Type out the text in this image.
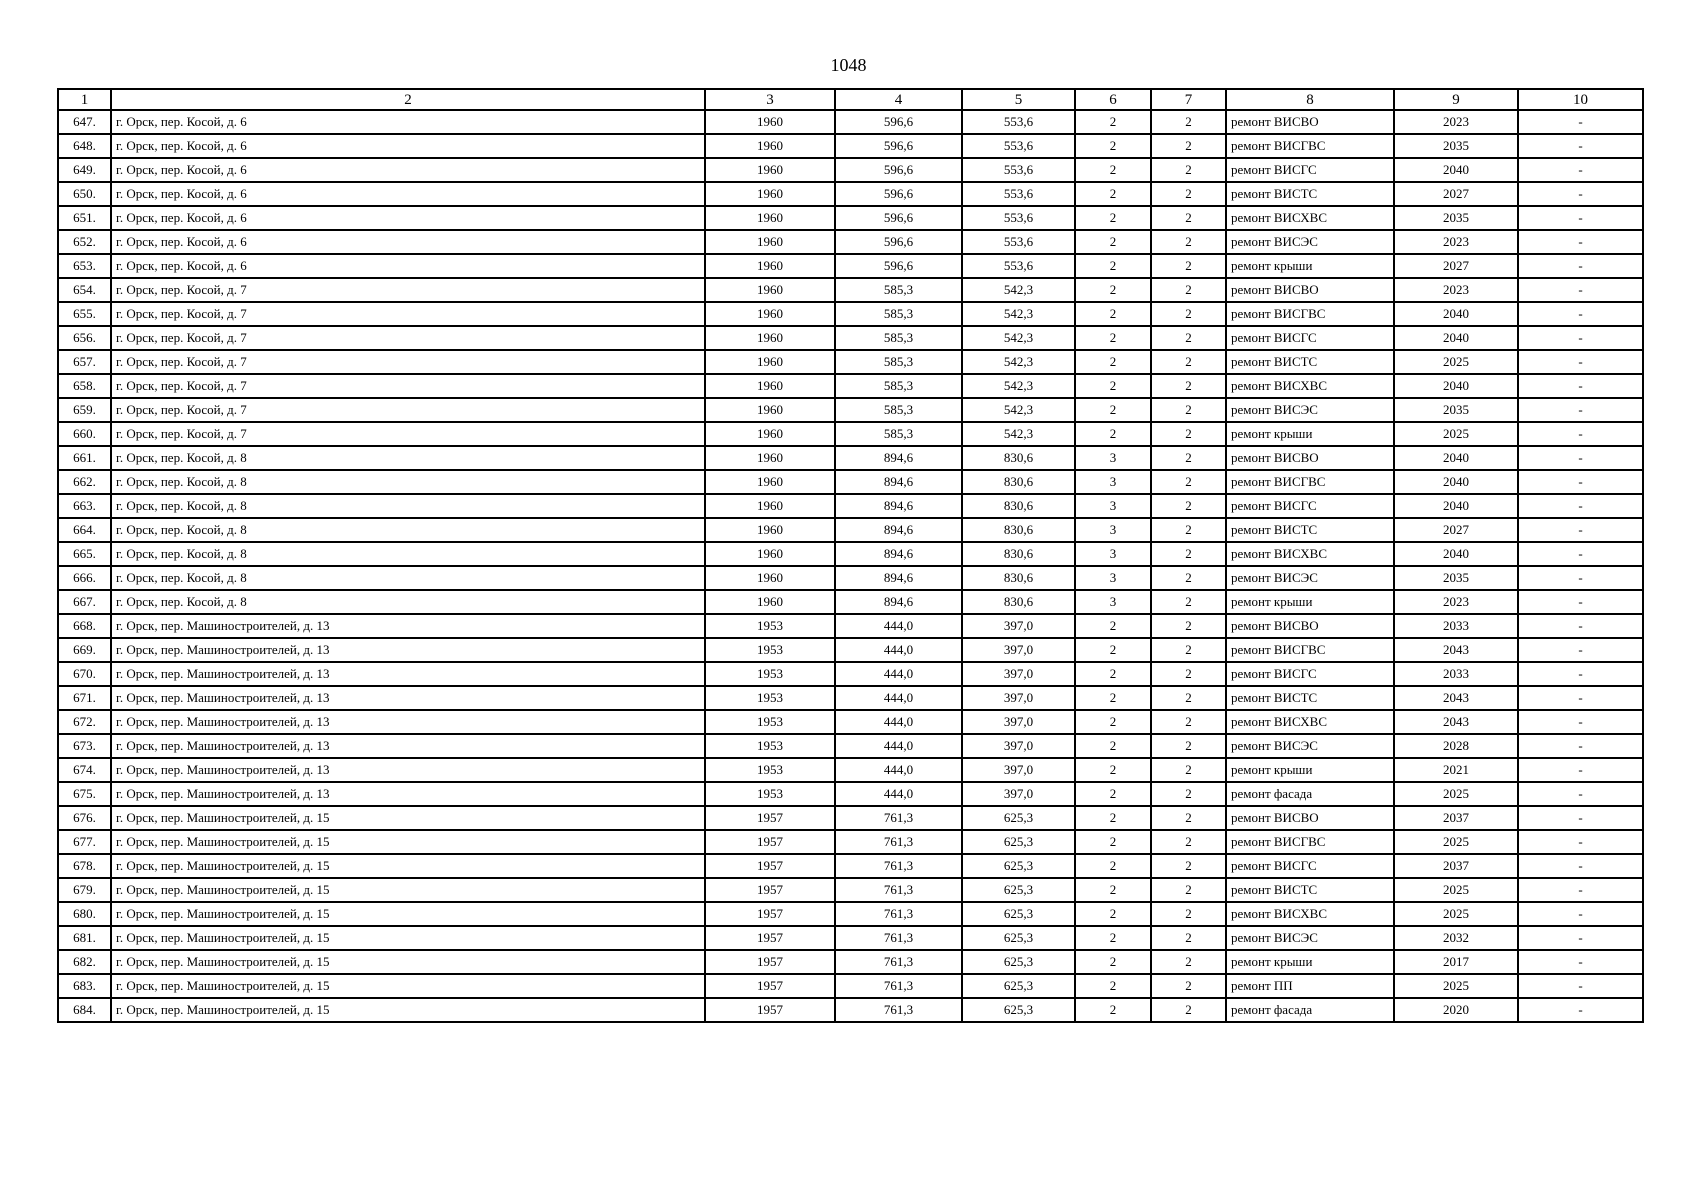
1048
1	2	3	4	5	6	7	8	9	10
647.	г. Орск, пер. Косой, д. 6	1960	596,6	553,6	2	2	ремонт ВИСВО	2023	-
648.	г. Орск, пер. Косой, д. 6	1960	596,6	553,6	2	2	ремонт ВИСГВС	2035	-
649.	г. Орск, пер. Косой, д. 6	1960	596,6	553,6	2	2	ремонт ВИСГС	2040	-
650.	г. Орск, пер. Косой, д. 6	1960	596,6	553,6	2	2	ремонт ВИСТС	2027	-
651.	г. Орск, пер. Косой, д. 6	1960	596,6	553,6	2	2	ремонт ВИСХВС	2035	-
652.	г. Орск, пер. Косой, д. 6	1960	596,6	553,6	2	2	ремонт ВИСЭС	2023	-
653.	г. Орск, пер. Косой, д. 6	1960	596,6	553,6	2	2	ремонт крыши	2027	-
654.	г. Орск, пер. Косой, д. 7	1960	585,3	542,3	2	2	ремонт ВИСВО	2023	-
655.	г. Орск, пер. Косой, д. 7	1960	585,3	542,3	2	2	ремонт ВИСГВС	2040	-
656.	г. Орск, пер. Косой, д. 7	1960	585,3	542,3	2	2	ремонт ВИСГС	2040	-
657.	г. Орск, пер. Косой, д. 7	1960	585,3	542,3	2	2	ремонт ВИСТС	2025	-
658.	г. Орск, пер. Косой, д. 7	1960	585,3	542,3	2	2	ремонт ВИСХВС	2040	-
659.	г. Орск, пер. Косой, д. 7	1960	585,3	542,3	2	2	ремонт ВИСЭС	2035	-
660.	г. Орск, пер. Косой, д. 7	1960	585,3	542,3	2	2	ремонт крыши	2025	-
661.	г. Орск, пер. Косой, д. 8	1960	894,6	830,6	3	2	ремонт ВИСВО	2040	-
662.	г. Орск, пер. Косой, д. 8	1960	894,6	830,6	3	2	ремонт ВИСГВС	2040	-
663.	г. Орск, пер. Косой, д. 8	1960	894,6	830,6	3	2	ремонт ВИСГС	2040	-
664.	г. Орск, пер. Косой, д. 8	1960	894,6	830,6	3	2	ремонт ВИСТС	2027	-
665.	г. Орск, пер. Косой, д. 8	1960	894,6	830,6	3	2	ремонт ВИСХВС	2040	-
666.	г. Орск, пер. Косой, д. 8	1960	894,6	830,6	3	2	ремонт ВИСЭС	2035	-
667.	г. Орск, пер. Косой, д. 8	1960	894,6	830,6	3	2	ремонт крыши	2023	-
668.	г. Орск, пер. Машиностроителей, д. 13	1953	444,0	397,0	2	2	ремонт ВИСВО	2033	-
669.	г. Орск, пер. Машиностроителей, д. 13	1953	444,0	397,0	2	2	ремонт ВИСГВС	2043	-
670.	г. Орск, пер. Машиностроителей, д. 13	1953	444,0	397,0	2	2	ремонт ВИСГС	2033	-
671.	г. Орск, пер. Машиностроителей, д. 13	1953	444,0	397,0	2	2	ремонт ВИСТС	2043	-
672.	г. Орск, пер. Машиностроителей, д. 13	1953	444,0	397,0	2	2	ремонт ВИСХВС	2043	-
673.	г. Орск, пер. Машиностроителей, д. 13	1953	444,0	397,0	2	2	ремонт ВИСЭС	2028	-
674.	г. Орск, пер. Машиностроителей, д. 13	1953	444,0	397,0	2	2	ремонт крыши	2021	-
675.	г. Орск, пер. Машиностроителей, д. 13	1953	444,0	397,0	2	2	ремонт фасада	2025	-
676.	г. Орск, пер. Машиностроителей, д. 15	1957	761,3	625,3	2	2	ремонт ВИСВО	2037	-
677.	г. Орск, пер. Машиностроителей, д. 15	1957	761,3	625,3	2	2	ремонт ВИСГВС	2025	-
678.	г. Орск, пер. Машиностроителей, д. 15	1957	761,3	625,3	2	2	ремонт ВИСГС	2037	-
679.	г. Орск, пер. Машиностроителей, д. 15	1957	761,3	625,3	2	2	ремонт ВИСТС	2025	-
680.	г. Орск, пер. Машиностроителей, д. 15	1957	761,3	625,3	2	2	ремонт ВИСХВС	2025	-
681.	г. Орск, пер. Машиностроителей, д. 15	1957	761,3	625,3	2	2	ремонт ВИСЭС	2032	-
682.	г. Орск, пер. Машиностроителей, д. 15	1957	761,3	625,3	2	2	ремонт крыши	2017	-
683.	г. Орск, пер. Машиностроителей, д. 15	1957	761,3	625,3	2	2	ремонт ПП	2025	-
684.	г. Орск, пер. Машиностроителей, д. 15	1957	761,3	625,3	2	2	ремонт фасада	2020	-
